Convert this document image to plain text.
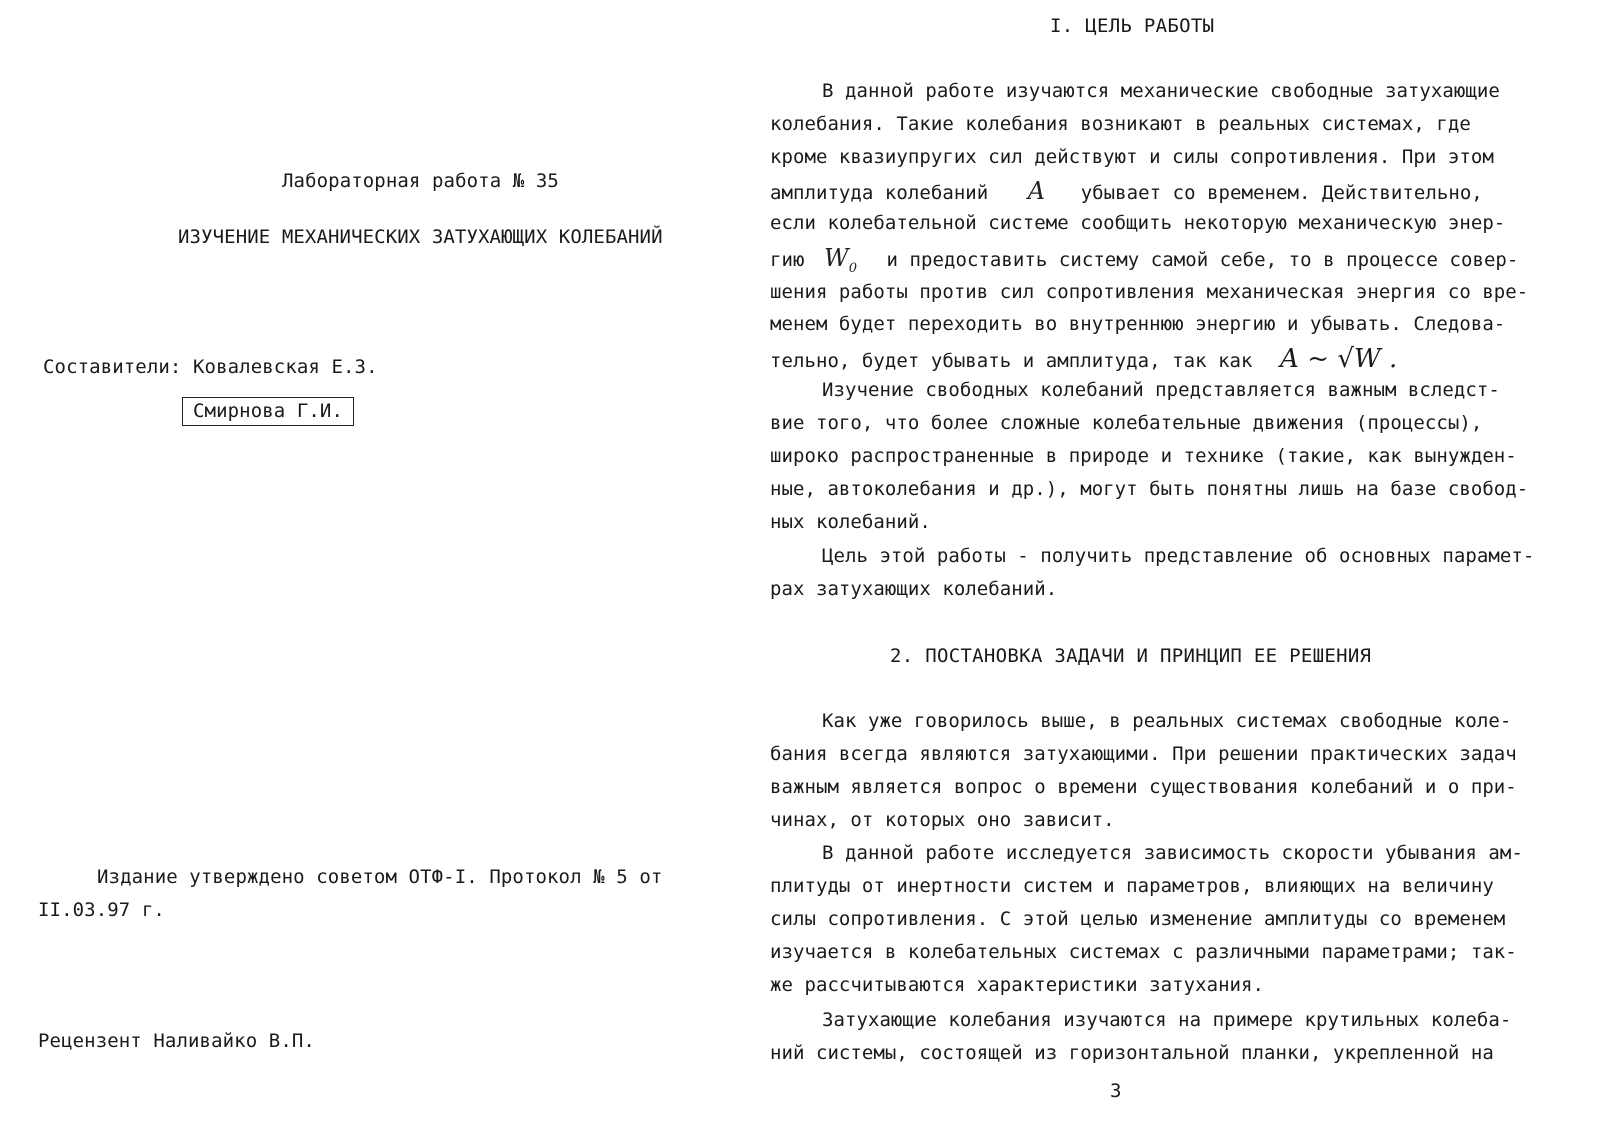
Лабораторная работа № 35
ИЗУЧЕНИЕ МЕХАНИЧЕСКИХ ЗАТУХАЮЩИХ КОЛЕБАНИЙ
Составители: Ковалевская Е.З.
Смирнова Г.И.
Издание утверждено советом ОТФ-I. Протокол № 5 от
II.03.97 г.
Рецензент Наливайко В.П.
I. ЦЕЛЬ РАБОТЫ
В данной работе изучаются механические свободные затухающие
колебания. Такие колебания возникают в реальных системах, где
кроме квазиупругих сил действуют и силы сопротивления. При этом
амплитуда колебаний A убывает со временем. Действительно,
если колебательной системе сообщить некоторую механическую энер-
гию $W_0$ и предоставить систему самой себе, то в процессе совер-
шения работы против сил сопротивления механическая энергия со вре-
менем будет переходить во внутреннюю энергию и убывать. Следова-
тельно, будет убывать и амплитуда, так как A ~ √W .
Изучение свободных колебаний представляется важным вследст-
вие того, что более сложные колебательные движения (процессы),
широко распространенные в природе и технике (такие, как вынужден-
ные, автоколебания и др.), могут быть понятны лишь на базе свобод-
ных колебаний.
Цель этой работы - получить представление об основных парамет-
рах затухающих колебаний.
2. ПОСТАНОВКА ЗАДАЧИ И ПРИНЦИП ЕЕ РЕШЕНИЯ
Как уже говорилось выше, в реальных системах свободные коле-
бания всегда являются затухающими. При решении практических задач
важным является вопрос о времени существования колебаний и о при-
чинах, от которых оно зависит.
В данной работе исследуется зависимость скорости убывания ам-
плитуды от инертности систем и параметров, влияющих на величину
силы сопротивления. С этой целью изменение амплитуды со временем
изучается в колебательных системах с различными параметрами; так-
же рассчитываются характеристики затухания.
Затухающие колебания изучаются на примере крутильных колеба-
ний системы, состоящей из горизонтальной планки, укрепленной на
3
